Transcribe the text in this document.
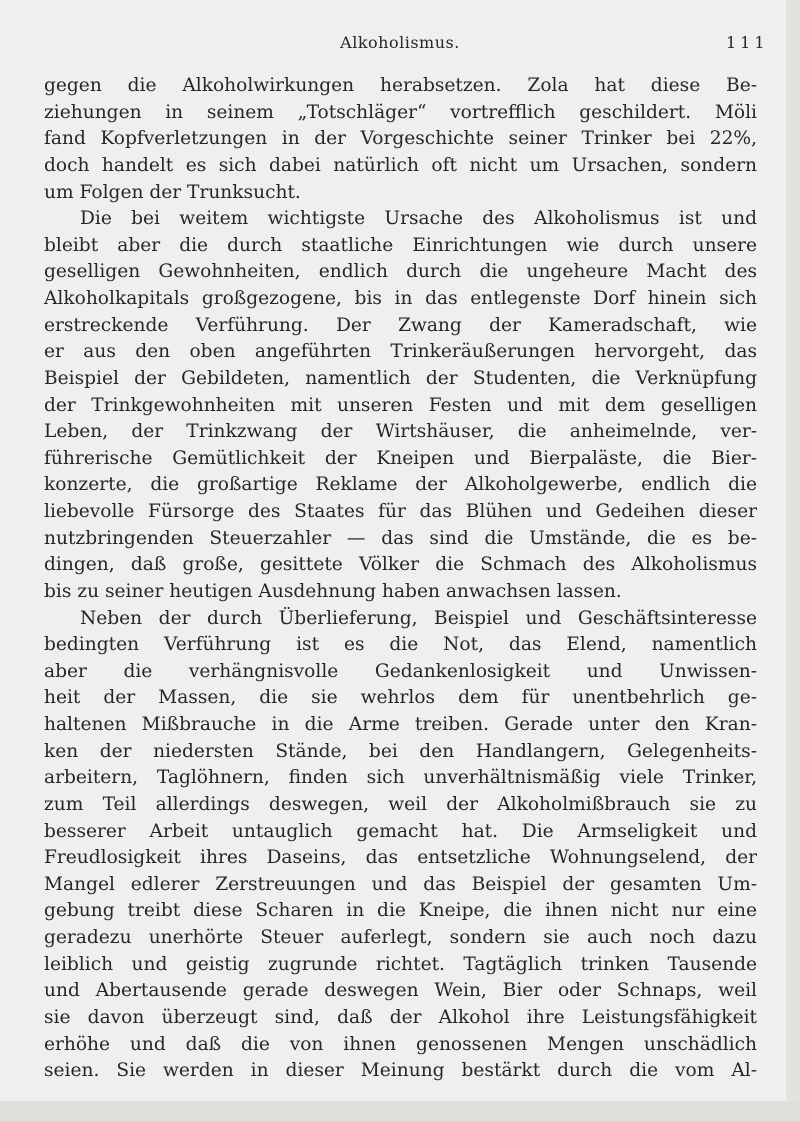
Alkoholismus.	111
gegen die Alkoholwirkungen herabsetzen. Zola hat diese Be-
ziehungen in seinem „Totschläger“ vortrefflich geschildert. Möli
fand Kopfverletzungen in der Vorgeschichte seiner Trinker bei 22%,
doch handelt es sich dabei natürlich oft nicht um Ursachen, sondern
um Folgen der Trunksucht.
Die bei weitem wichtigste Ursache des Alkoholismus ist und
bleibt aber die durch staatliche Einrichtungen wie durch unsere
geselligen Gewohnheiten, endlich durch die ungeheure Macht des
Alkoholkapitals großgezogene, bis in das entlegenste Dorf hinein sich
erstreckende Verführung. Der Zwang der Kameradschaft, wie
er aus den oben angeführten Trinkeräußerungen hervorgeht, das
Beispiel der Gebildeten, namentlich der Studenten, die Verknüpfung
der Trinkgewohnheiten mit unseren Festen und mit dem geselligen
Leben, der Trinkzwang der Wirtshäuser, die anheimelnde, ver-
führerische Gemütlichkeit der Kneipen und Bierpaläste, die Bier-
konzerte, die großartige Reklame der Alkoholgewerbe, endlich die
liebevolle Fürsorge des Staates für das Blühen und Gedeihen dieser
nutzbringenden Steuerzahler — das sind die Umstände, die es be-
dingen, daß große, gesittete Völker die Schmach des Alkoholismus
bis zu seiner heutigen Ausdehnung haben anwachsen lassen.
Neben der durch Überlieferung, Beispiel und Geschäftsinteresse
bedingten Verführung ist es die Not, das Elend, namentlich
aber die verhängnisvolle Gedankenlosigkeit und Unwissen-
heit der Massen, die sie wehrlos dem für unentbehrlich ge-
haltenen Mißbrauche in die Arme treiben. Gerade unter den Kran-
ken der niedersten Stände, bei den Handlangern, Gelegenheits-
arbeitern, Taglöhnern, finden sich unverhältnismäßig viele Trinker,
zum Teil allerdings deswegen, weil der Alkoholmißbrauch sie zu
besserer Arbeit untauglich gemacht hat. Die Armseligkeit und
Freudlosigkeit ihres Daseins, das entsetzliche Wohnungselend, der
Mangel edlerer Zerstreuungen und das Beispiel der gesamten Um-
gebung treibt diese Scharen in die Kneipe, die ihnen nicht nur eine
geradezu unerhörte Steuer auferlegt, sondern sie auch noch dazu
leiblich und geistig zugrunde richtet. Tagtäglich trinken Tausende
und Abertausende gerade deswegen Wein, Bier oder Schnaps, weil
sie davon überzeugt sind, daß der Alkohol ihre Leistungsfähigkeit
erhöhe und daß die von ihnen genossenen Mengen unschädlich
seien. Sie werden in dieser Meinung bestärkt durch die vom Al-
